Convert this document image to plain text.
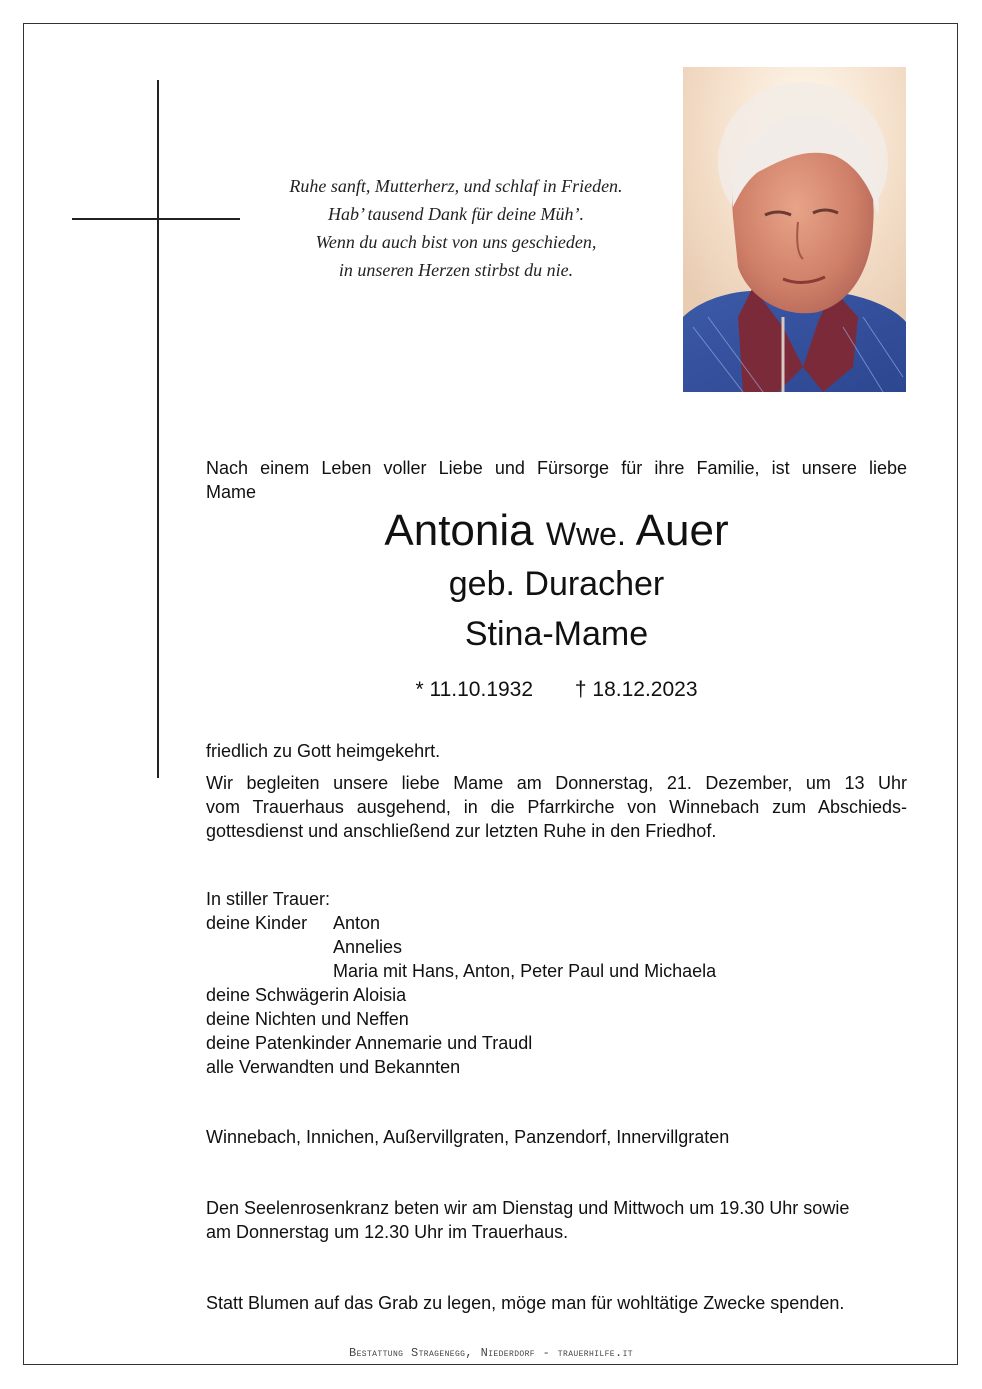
Ruhe sanft, Mutterherz, und schlaf in Frieden.
Hab’ tausend Dank für deine Müh’.
Wenn du auch bist von uns geschieden,
in unseren Herzen stirbst du nie.
Nach einem Leben voller Liebe und Fürsorge für ihre Familie, ist unsere liebe
Mame
Antonia Wwe. Auer
geb. Duracher
Stina-Mame
* 11.10.1932 † 18.12.2023
friedlich zu Gott heimgekehrt.
Wir begleiten unsere liebe Mame am Donnerstag, 21. Dezember, um 13 Uhr
vom Trauerhaus ausgehend, in die Pfarrkirche von Winnebach zum Abschieds-
gottesdienst und anschließend zur letzten Ruhe in den Friedhof.
In stiller Trauer:
deine Kinder Anton
Annelies
Maria mit Hans, Anton, Peter Paul und Michaela
deine Schwägerin Aloisia
deine Nichten und Neffen
deine Patenkinder Annemarie und Traudl
alle Verwandten und Bekannten
Winnebach, Innichen, Außervillgraten, Panzendorf, Innervillgraten
Den Seelenrosenkranz beten wir am Dienstag und Mittwoch um 19.30 Uhr sowie
am Donnerstag um 12.30 Uhr im Trauerhaus.
Statt Blumen auf das Grab zu legen, möge man für wohltätige Zwecke spenden.
Bestattung Stragenegg, Niederdorf - trauerhilfe.it
